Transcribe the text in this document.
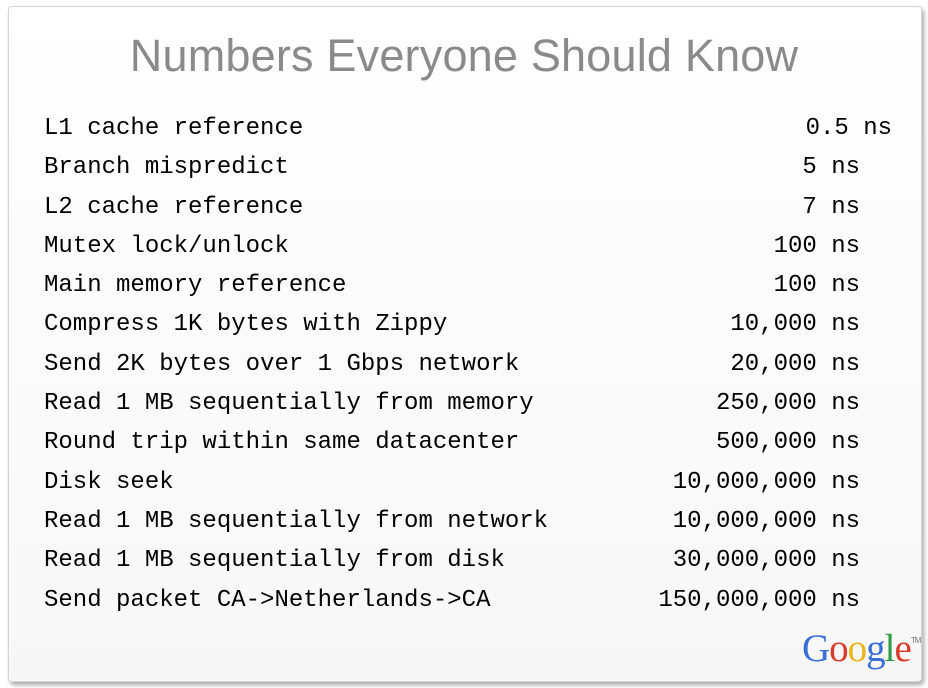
Numbers Everyone Should Know
L1 cache reference	0.5 ns
Branch mispredict	5 ns
L2 cache reference	7 ns
Mutex lock/unlock	100 ns
Main memory reference	100 ns
Compress 1K bytes with Zippy	10,000 ns
Send 2K bytes over 1 Gbps network	20,000 ns
Read 1 MB sequentially from memory	250,000 ns
Round trip within same datacenter	500,000 ns
Disk seek	10,000,000 ns
Read 1 MB sequentially from network	10,000,000 ns
Read 1 MB sequentially from disk	30,000,000 ns
Send packet CA->Netherlands->CA	150,000,000 ns
Google™
